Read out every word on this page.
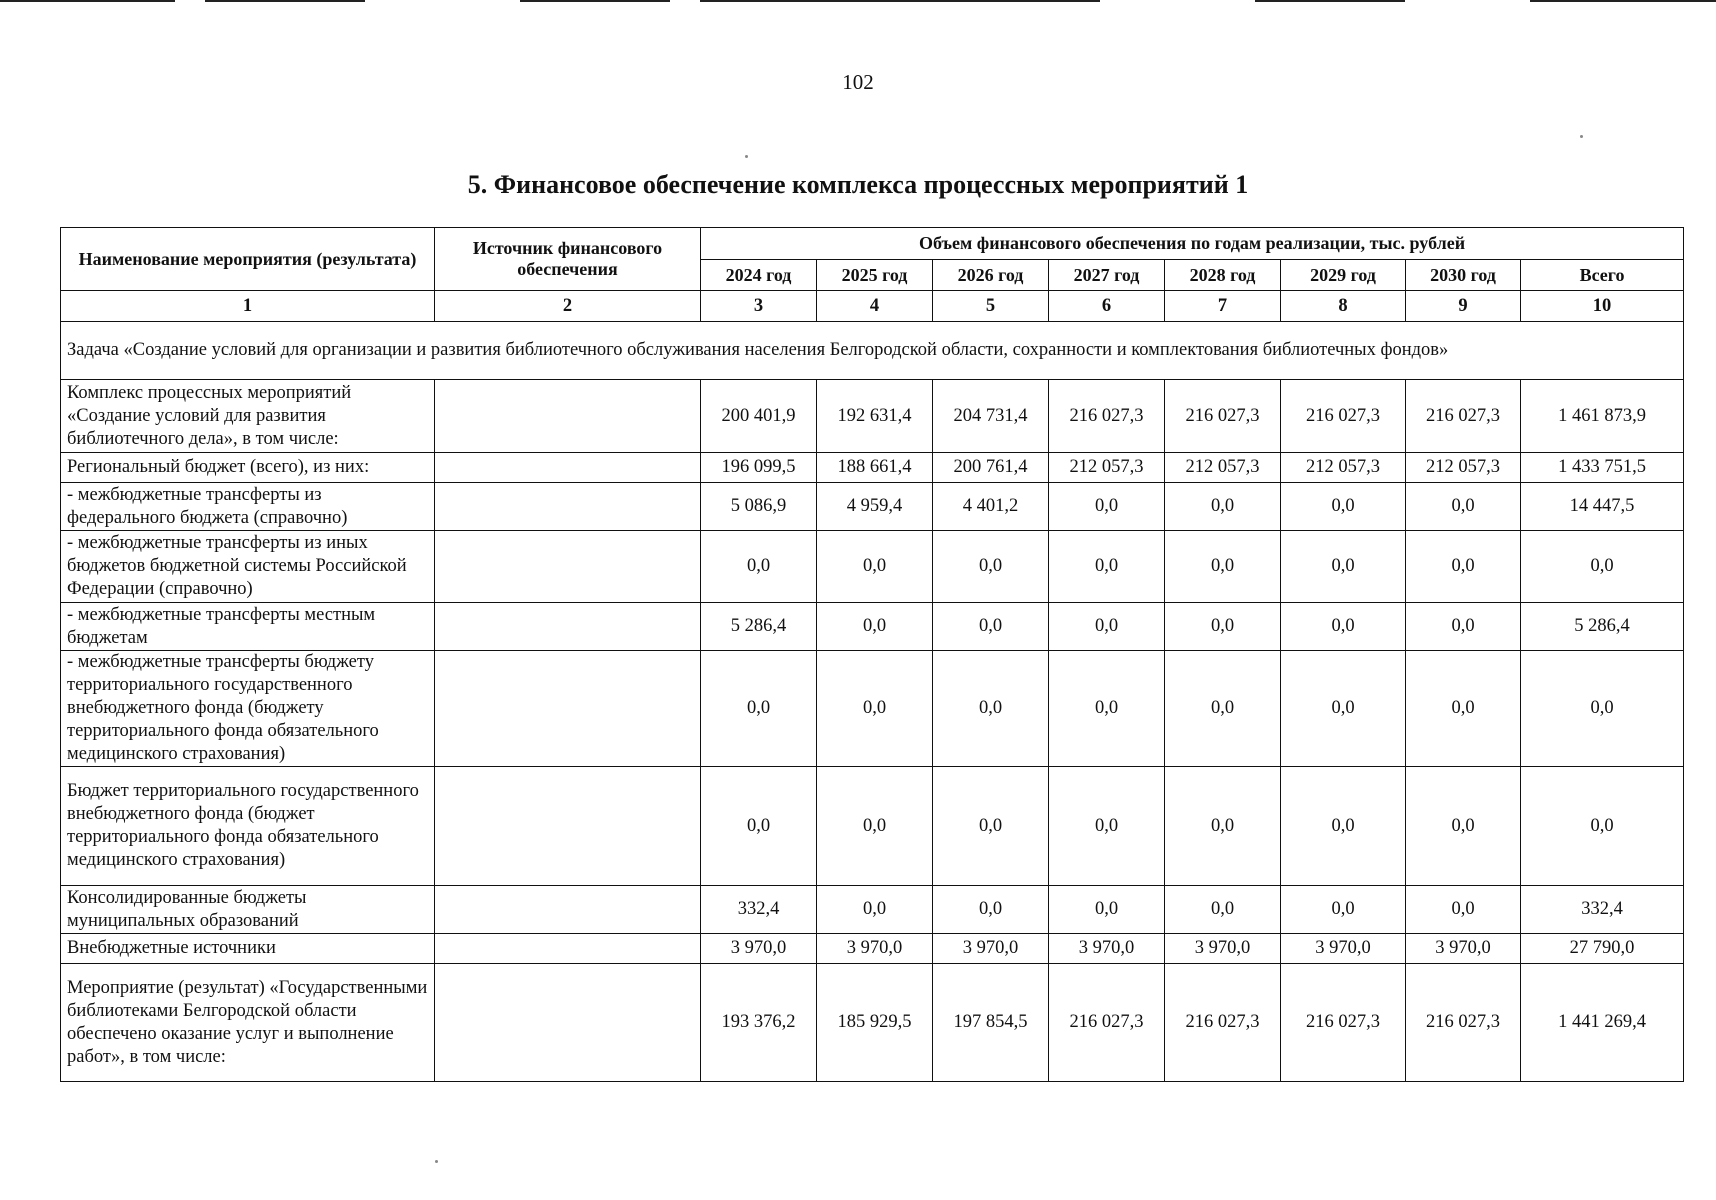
102
5. Финансовое обеспечение комплекса процессных мероприятий 1
Наименование мероприятия (результата)	Источник финансового обеспечения	Объем финансового обеспечения по годам реализации, тыс. рублей							
		2024 год	2025 год	2026 год	2027 год	2028 год	2029 год	2030 год	Всего
1	2	3	4	5	6	7	8	9	10
Задача «Создание условий для организации и развития библиотечного обслуживания населения Белгородской области, сохранности и комплектования библиотечных фондов»									
Комплекс процессных мероприятий «Создание условий для развития библиотечного дела», в том числе:		200 401,9	192 631,4	204 731,4	216 027,3	216 027,3	216 027,3	216 027,3	1 461 873,9
Региональный бюджет (всего), из них:		196 099,5	188 661,4	200 761,4	212 057,3	212 057,3	212 057,3	212 057,3	1 433 751,5
- межбюджетные трансферты из федерального бюджета (справочно)		5 086,9	4 959,4	4 401,2	0,0	0,0	0,0	0,0	14 447,5
- межбюджетные трансферты из иных бюджетов бюджетной системы Российской Федерации (справочно)		0,0	0,0	0,0	0,0	0,0	0,0	0,0	0,0
- межбюджетные трансферты местным бюджетам		5 286,4	0,0	0,0	0,0	0,0	0,0	0,0	5 286,4
- межбюджетные трансферты бюджету территориального государственного внебюджетного фонда (бюджету территориального фонда обязательного медицинского страхования)		0,0	0,0	0,0	0,0	0,0	0,0	0,0	0,0
Бюджет территориального государственного внебюджетного фонда (бюджет территориального фонда обязательного медицинского страхования)		0,0	0,0	0,0	0,0	0,0	0,0	0,0	0,0
Консолидированные бюджеты муниципальных образований		332,4	0,0	0,0	0,0	0,0	0,0	0,0	332,4
Внебюджетные источники		3 970,0	3 970,0	3 970,0	3 970,0	3 970,0	3 970,0	3 970,0	27 790,0
Мероприятие (результат) «Государственными библиотеками Белгородской области обеспечено оказание услуг и выполнение работ», в том числе:		193 376,2	185 929,5	197 854,5	216 027,3	216 027,3	216 027,3	216 027,3	1 441 269,4
